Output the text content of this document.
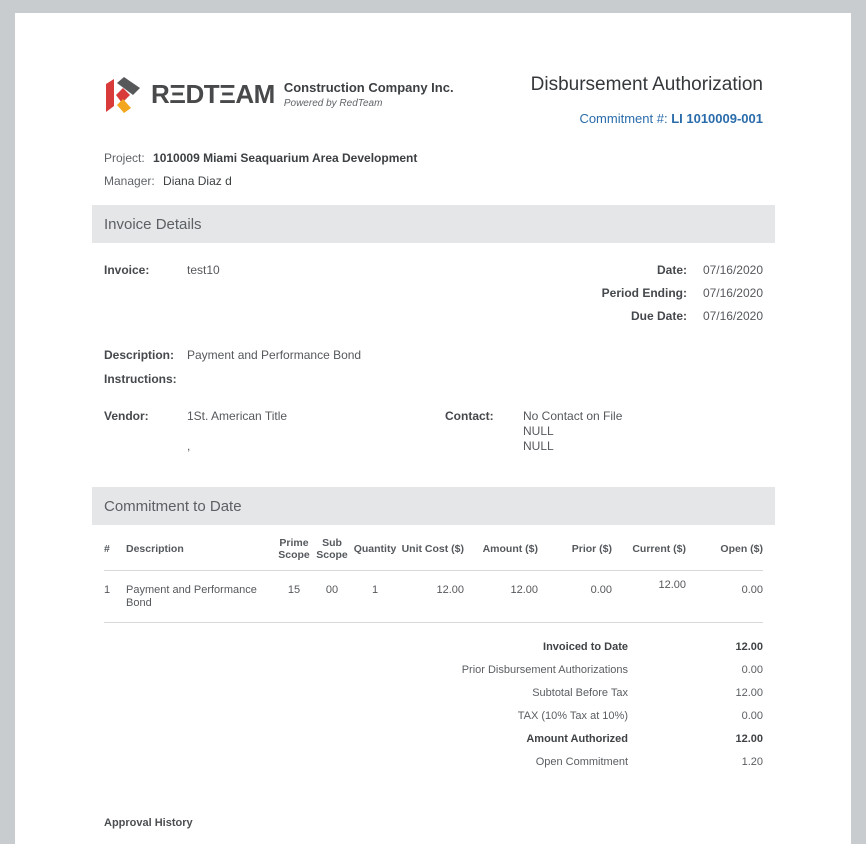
RΞDTΞAM Construction Company Inc.
Powered by RedTeam
Disbursement Authorization
Commitment #: LI 1010009-001
Project: 1010009 Miami Seaquarium Area Development
Manager: Diana Diaz d
Invoice Details
Invoice:	test10	Date:	07/16/2020
Period Ending:	07/16/2020
Due Date:	07/16/2020
Description:	Payment and Performance Bond
Instructions:
Vendor:	1St. American Title
,
Contact:	No Contact on File
NULL
NULL
Commitment to Date
#	Description	Prime Scope	Sub Scope	Quantity	Unit Cost ($)	Amount ($)	Prior ($)	Current ($)	Open ($)
1	Payment and Performance Bond	15	00	1	12.00	12.00	0.00	12.00	0.00
Invoiced to Date	12.00
Prior Disbursement Authorizations	0.00
Subtotal Before Tax	12.00
TAX (10% Tax at 10%)	0.00
Amount Authorized	12.00
Open Commitment	1.20
Approval History
